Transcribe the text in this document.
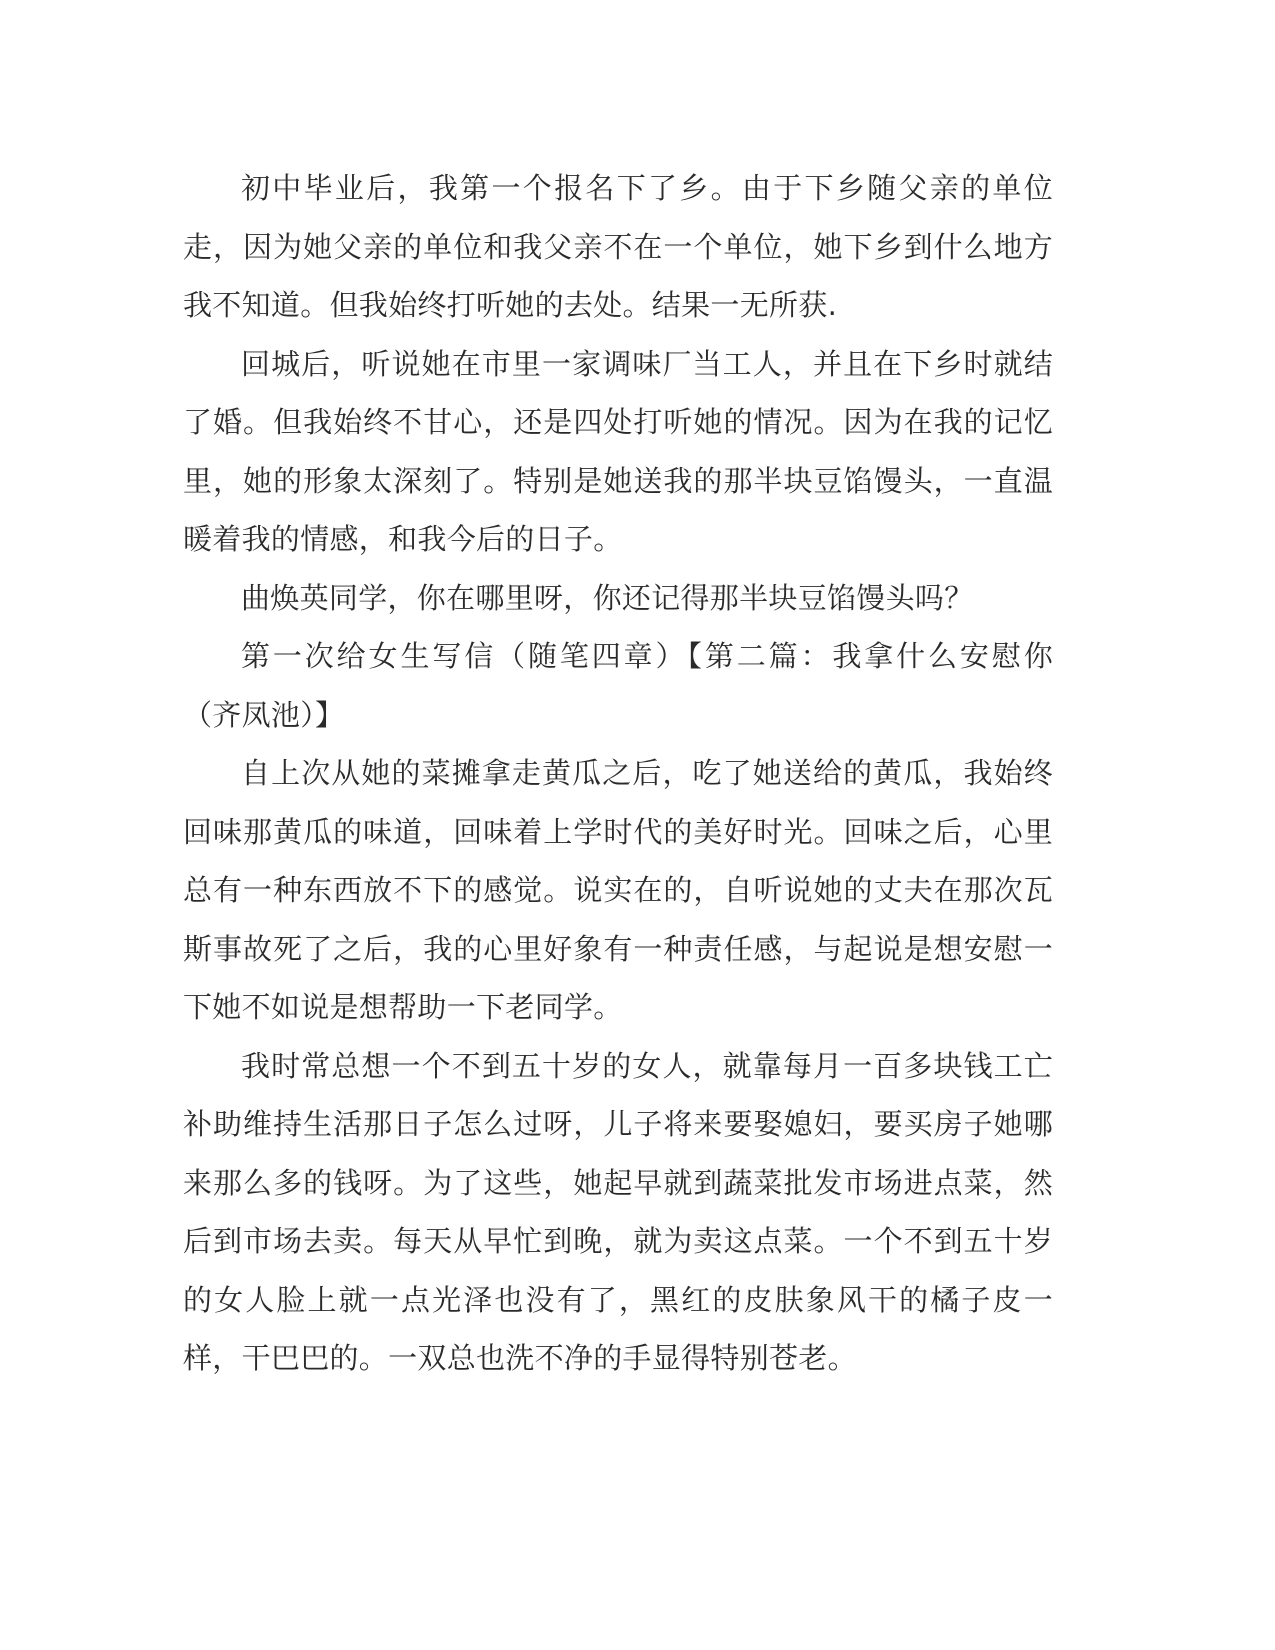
初中毕业后，我第一个报名下了乡。由于下乡随父亲的单位走，因为她父亲的单位和我父亲不在一个单位，她下乡到什么地方我不知道。但我始终打听她的去处。结果一无所获.

回城后，听说她在市里一家调味厂当工人，并且在下乡时就结了婚。但我始终不甘心，还是四处打听她的情况。因为在我的记忆里，她的形象太深刻了。特别是她送我的那半块豆馅馒头，一直温暖着我的情感，和我今后的日子。

曲焕英同学，你在哪里呀，你还记得那半块豆馅馒头吗？

第一次给女生写信（随笔四章）【第二篇：我拿什么安慰你 （齐凤池）】

自上次从她的菜摊拿走黄瓜之后，吃了她送给的黄瓜，我始终回味那黄瓜的味道，回味着上学时代的美好时光。回味之后，心里总有一种东西放不下的感觉。说实在的，自听说她的丈夫在那次瓦斯事故死了之后，我的心里好象有一种责任感，与起说是想安慰一下她不如说是想帮助一下老同学。

我时常总想一个不到五十岁的女人，就靠每月一百多块钱工亡补助维持生活那日子怎么过呀，儿子将来要娶媳妇，要买房子她哪来那么多的钱呀。为了这些，她起早就到蔬菜批发市场进点菜，然后到市场去卖。每天从早忙到晚，就为卖这点菜。一个不到五十岁的女人脸上就一点光泽也没有了，黑红的皮肤象风干的橘子皮一样，干巴巴的。一双总也洗不净的手显得特别苍老。
